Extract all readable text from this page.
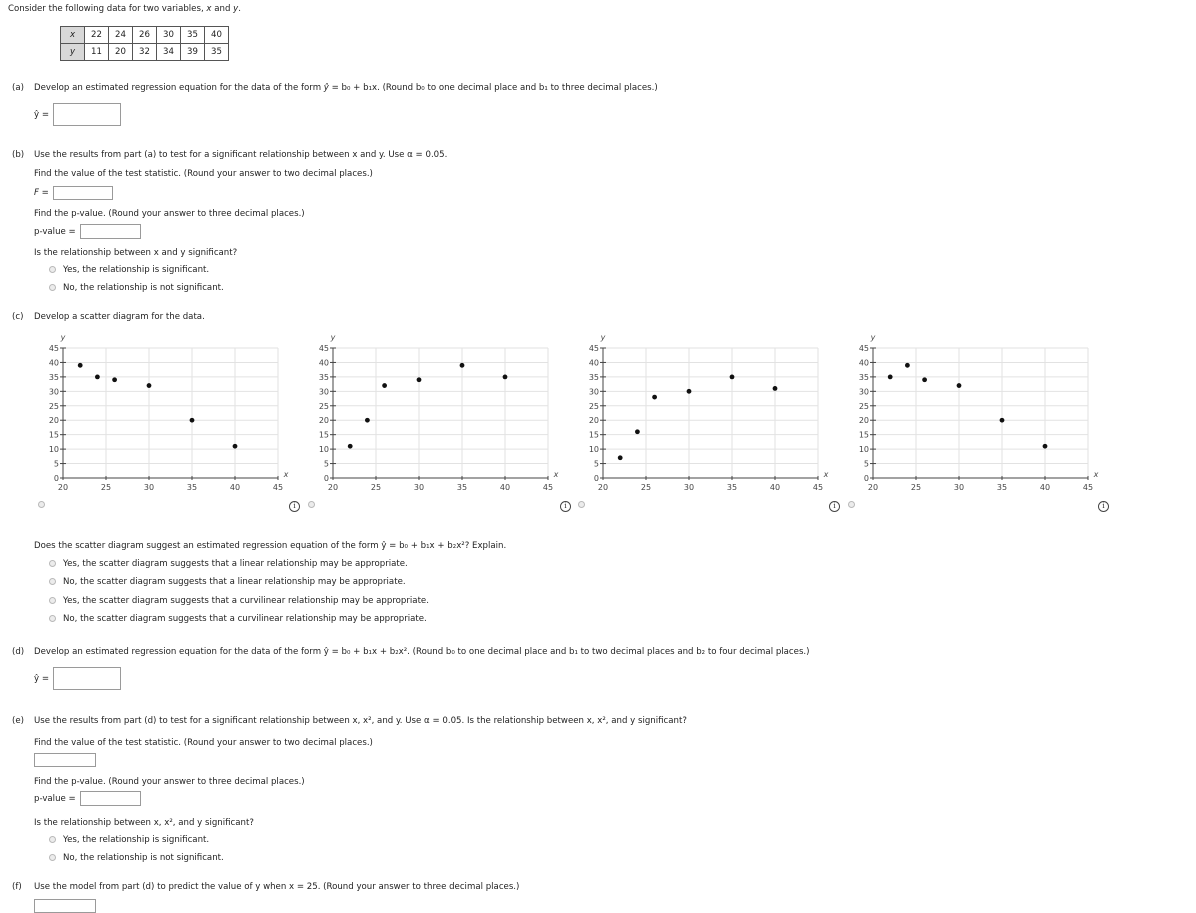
Consider the following data for two variables, x and y.
x	22	24	26	30	35	40
y	11	20	32	34	39	35
(a) Develop an estimated regression equation for the data of the form ŷ = b₀ + b₁x. (Round b₀ to one decimal place and b₁ to three decimal places.)
ŷ =
(b) Use the results from part (a) to test for a significant relationship between x and y. Use α = 0.05.
Find the value of the test statistic. (Round your answer to two decimal places.)
F =
Find the p-value. (Round your answer to three decimal places.)
p-value =
Is the relationship between x and y significant?
Yes, the relationship is significant.
No, the relationship is not significant.
(c) Develop a scatter diagram for the data.
0
5
10
15
20
25
30
35
40
45
20	25	30	35	40	45
y
x	0
5
10
15
20
25
30
35
40
45
20	25	30	35	40	45
y
x	0
5
10
15
20
25
30
35
40
45
20	25	30	35	40	45
y
x	0
5
10
15
20
25
30
35
40
45
20	25	30	35	40	45
y
x
i	i	i	i
Does the scatter diagram suggest an estimated regression equation of the form ŷ = b₀ + b₁x + b₂x²? Explain.
Yes, the scatter diagram suggests that a linear relationship may be appropriate.
No, the scatter diagram suggests that a linear relationship may be appropriate.
Yes, the scatter diagram suggests that a curvilinear relationship may be appropriate.
No, the scatter diagram suggests that a curvilinear relationship may be appropriate.
(d) Develop an estimated regression equation for the data of the form ŷ = b₀ + b₁x + b₂x². (Round b₀ to one decimal place and b₁ to two decimal places and b₂ to four decimal places.)
ŷ =
(e) Use the results from part (d) to test for a significant relationship between x, x², and y. Use α = 0.05. Is the relationship between x, x², and y significant?
Find the value of the test statistic. (Round your answer to two decimal places.)
Find the p-value. (Round your answer to three decimal places.)
p-value =
Is the relationship between x, x², and y significant?
Yes, the relationship is significant.
No, the relationship is not significant.
(f) Use the model from part (d) to predict the value of y when x = 25. (Round your answer to three decimal places.)
